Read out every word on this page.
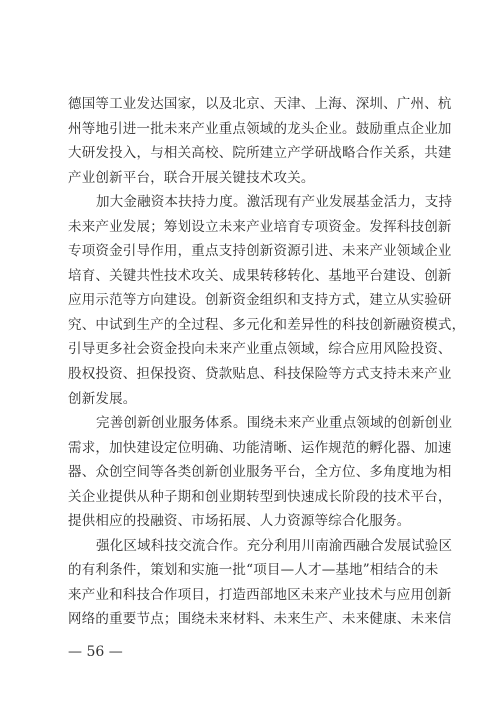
德国等工业发达国家，以及北京、天津、上海、深圳、广州、杭
州等地引进一批未来产业重点领域的龙头企业。鼓励重点企业加
大研发投入，与相关高校、院所建立产学研战略合作关系，共建
产业创新平台，联合开展关键技术攻关。
加大金融资本扶持力度。激活现有产业发展基金活力，支持
未来产业发展；筹划设立未来产业培育专项资金。发挥科技创新
专项资金引导作用，重点支持创新资源引进、未来产业领域企业
培育、关键共性技术攻关、成果转移转化、基地平台建设、创新
应用示范等方向建设。创新资金组织和支持方式，建立从实验研
究、中试到生产的全过程、多元化和差异性的科技创新融资模式，
引导更多社会资金投向未来产业重点领域，综合应用风险投资、
股权投资、担保投资、贷款贴息、科技保险等方式支持未来产业
创新发展。
完善创新创业服务体系。围绕未来产业重点领域的创新创业
需求，加快建设定位明确、功能清晰、运作规范的孵化器、加速
器、众创空间等各类创新创业服务平台，全方位、多角度地为相
关企业提供从种子期和创业期转型到快速成长阶段的技术平台，
提供相应的投融资、市场拓展、人力资源等综合化服务。
强化区域科技交流合作。充分利用川南渝西融合发展试验区
的有利条件，策划和实施一批“项目—人才—基地”相结合的未
来产业和科技合作项目，打造西部地区未来产业技术与应用创新
网络的重要节点；围绕未来材料、未来生产、未来健康、未来信
— 56 —
